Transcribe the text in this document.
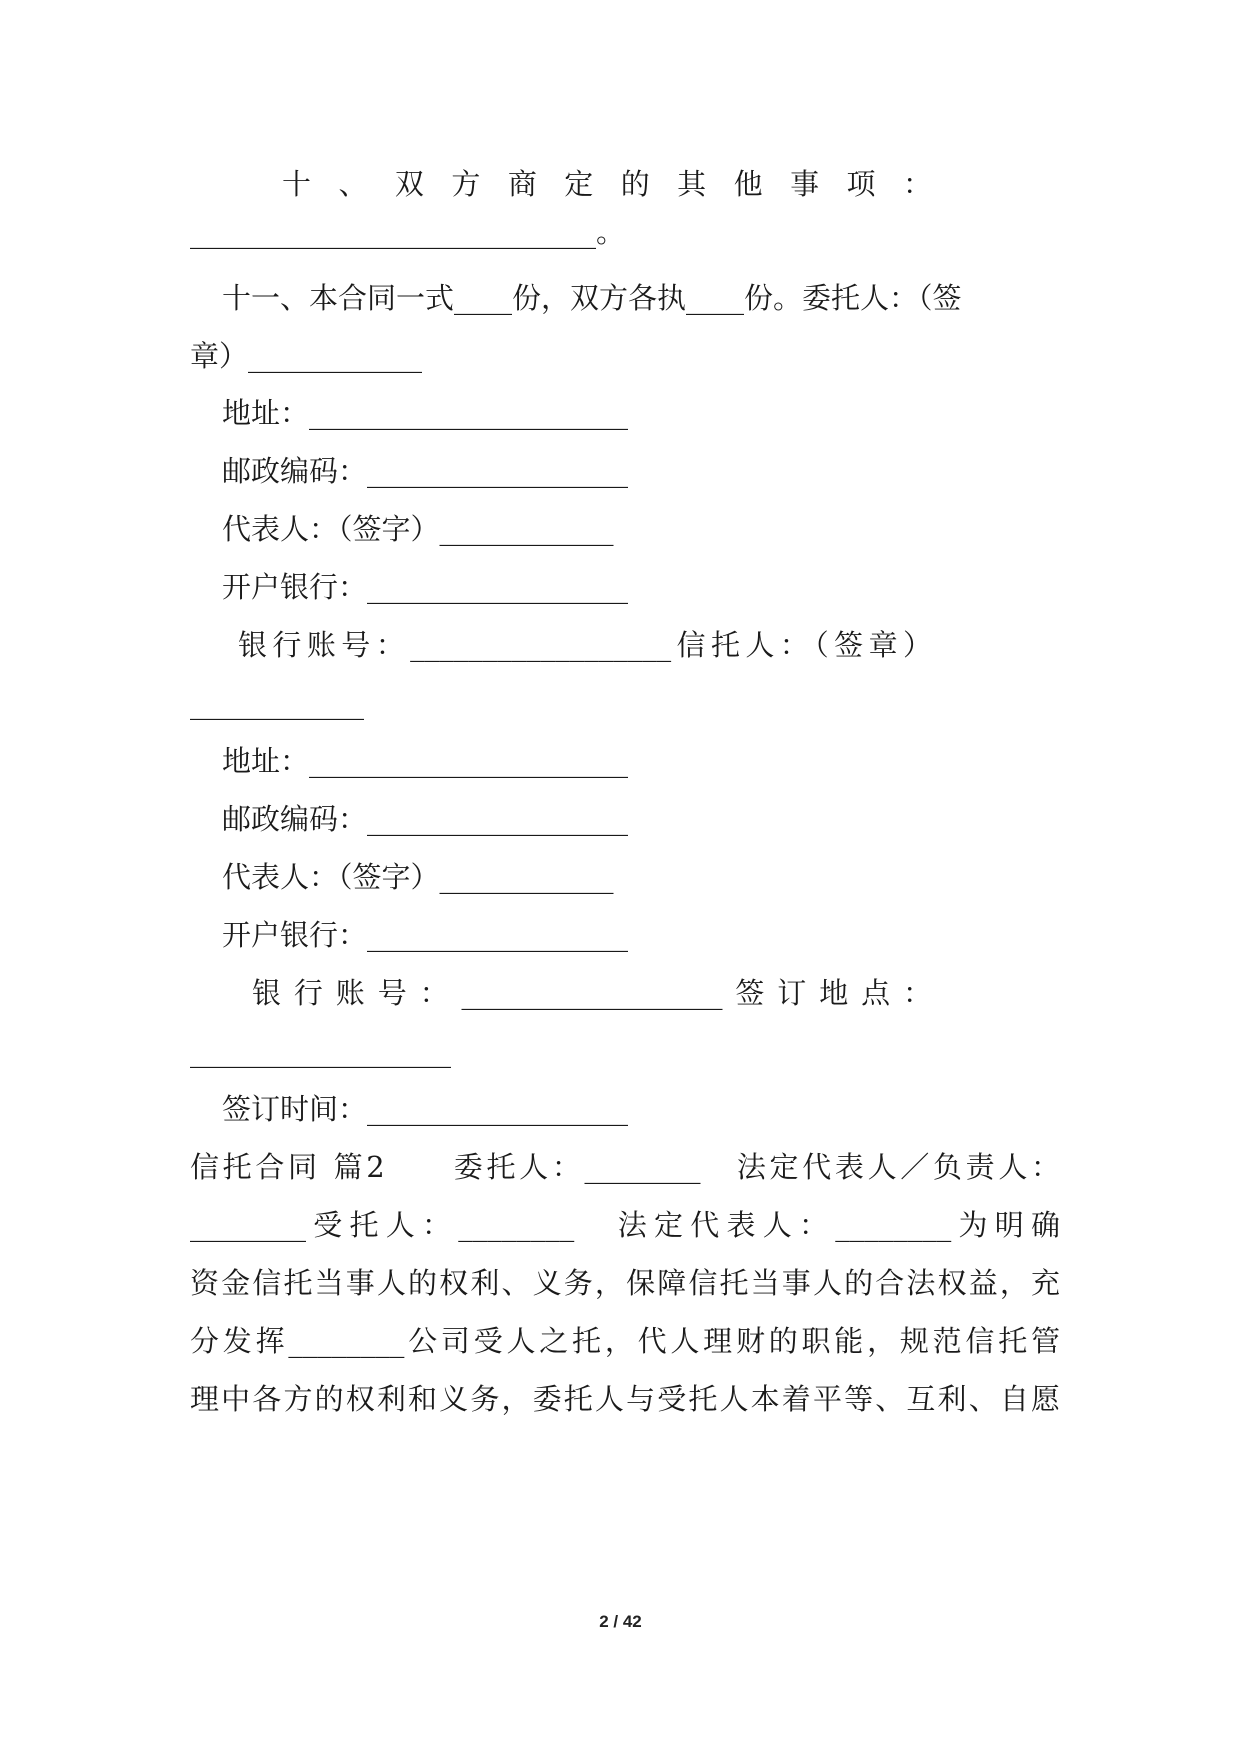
十、双方商定的其他事项：
____________________________。
十一、本合同一式____份，双方各执____份。委托人：（签
章）____________
地址：______________________
邮政编码：__________________
代表人：（签字）____________
开户银行：__________________
银行账号：__________________信托人：（签章）
____________
地址：______________________
邮政编码：__________________
代表人：（签字）____________
开户银行：__________________
银行账号：__________________签订地点：
__________________
签订时间：__________________
信托合同 篇2　　委托人：________　法定代表人／负责人：
________受托人：________　法定代表人：________为明确
资金信托当事人的权利、义务，保障信托当事人的合法权益，充
分发挥________公司受人之托，代人理财的职能，规范信托管
理中各方的权利和义务，委托人与受托人本着平等、互利、自愿
2 / 42
